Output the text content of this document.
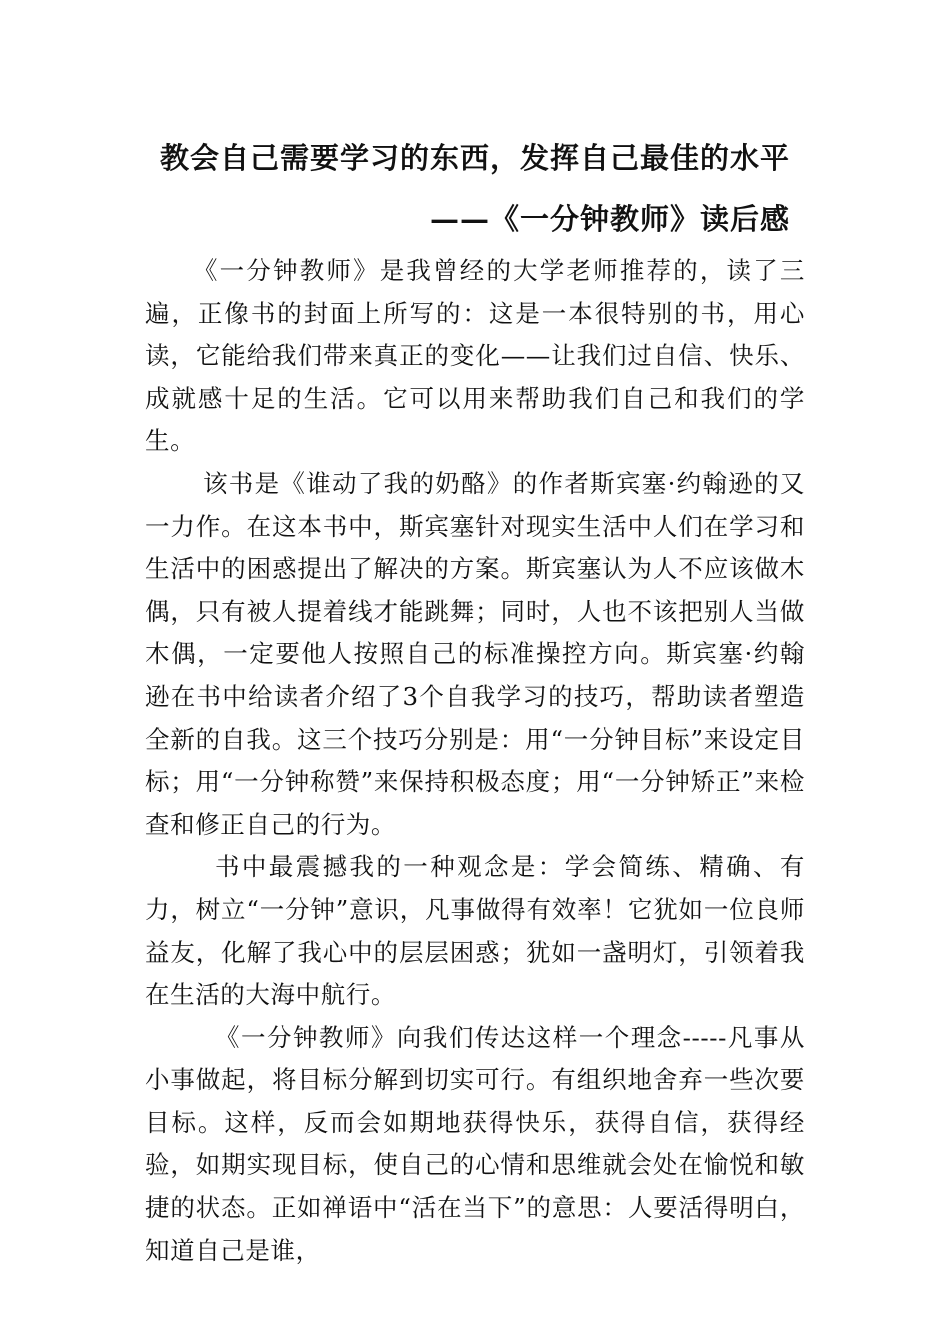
教会自己需要学习的东西，发挥自己最佳的水平
——《一分钟教师》读后感

《一分钟教师》是我曾经的大学老师推荐的，读了三遍，正像书的封面上所写的：这是一本很特别的书，用心读，它能给我们带来真正的变化——让我们过自信、快乐、成就感十足的生活。它可以用来帮助我们自己和我们的学生。

该书是《谁动了我的奶酪》的作者斯宾塞·约翰逊的又一力作。在这本书中，斯宾塞针对现实生活中人们在学习和生活中的困惑提出了解决的方案。斯宾塞认为人不应该做木偶，只有被人提着线才能跳舞；同时，人也不该把别人当做木偶，一定要他人按照自己的标准操控方向。斯宾塞·约翰逊在书中给读者介绍了3个自我学习的技巧，帮助读者塑造全新的自我。这三个技巧分别是：用“一分钟目标”来设定目标；用“一分钟称赞”来保持积极态度；用“一分钟矫正”来检查和修正自己的行为。

书中最震撼我的一种观念是：学会简练、精确、有力，树立“一分钟”意识，凡事做得有效率！它犹如一位良师益友，化解了我心中的层层困惑；犹如一盏明灯，引领着我在生活的大海中航行。

《一分钟教师》向我们传达这样一个理念-----凡事从小事做起，将目标分解到切实可行。有组织地舍弃一些次要目标。这样，反而会如期地获得快乐，获得自信，获得经验，如期实现目标，使自己的心情和思维就会处在愉悦和敏捷的状态。正如禅语中“活在当下”的意思：人要活得明白，知道自己是谁，
